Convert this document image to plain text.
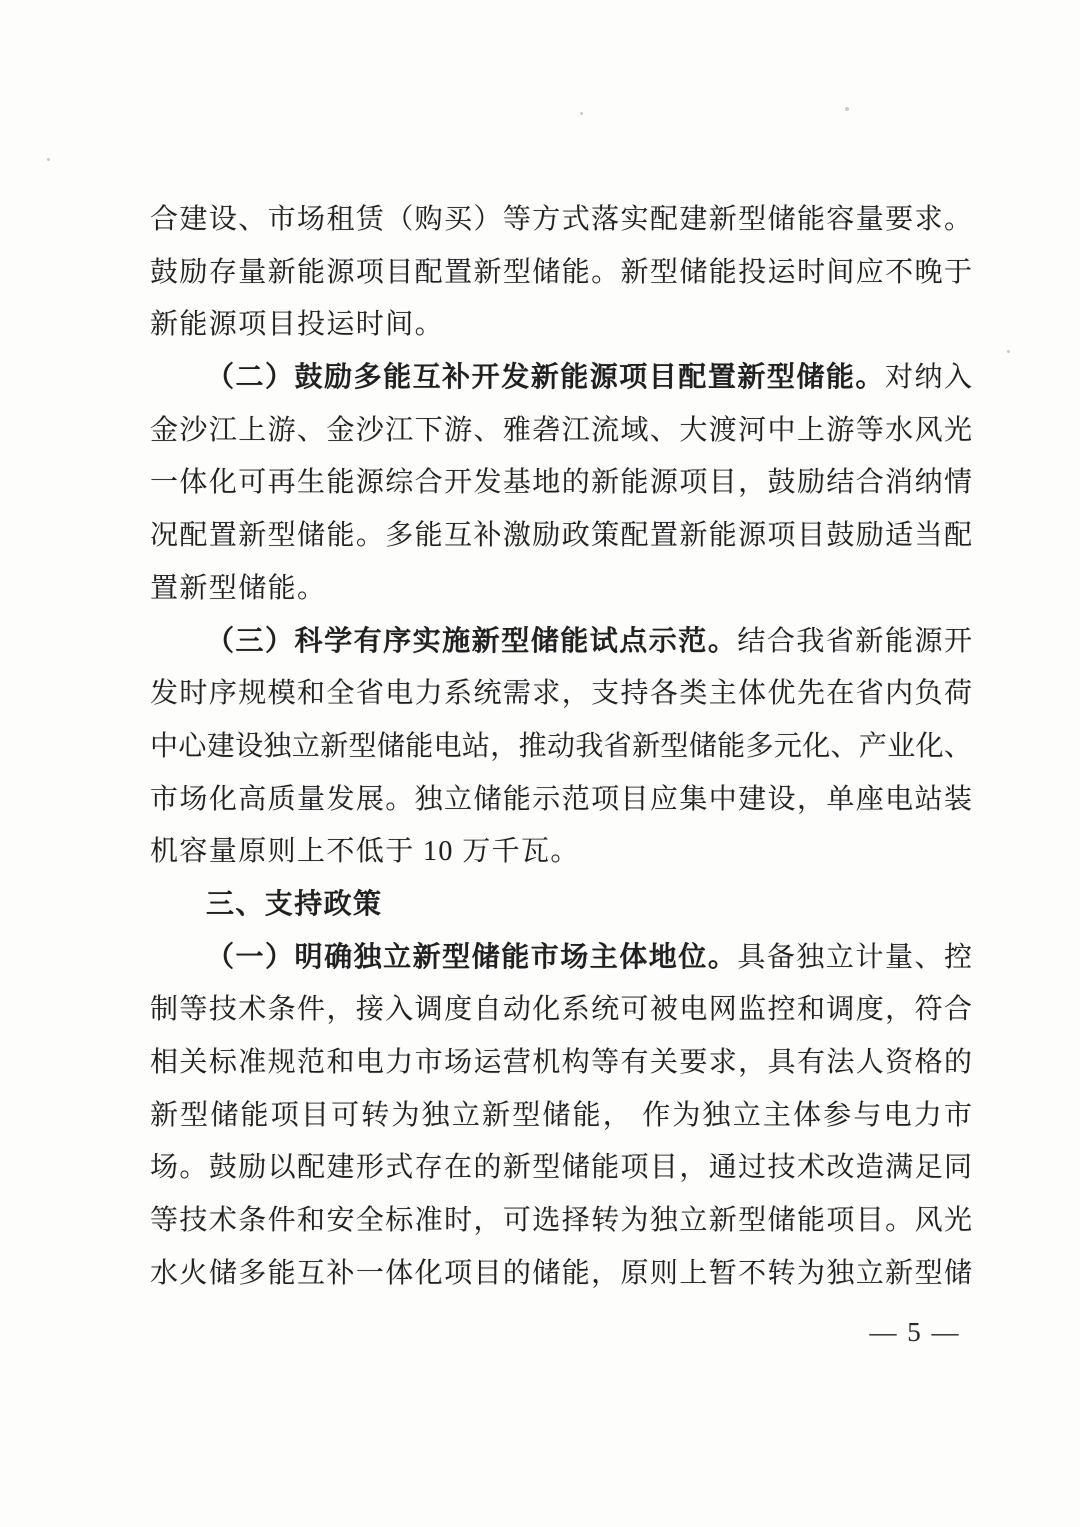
合建设、市场租赁（购买）等方式落实配建新型储能容量要求。
鼓励存量新能源项目配置新型储能。新型储能投运时间应不晚于
新能源项目投运时间。
（二）鼓励多能互补开发新能源项目配置新型储能。对纳入
金沙江上游、金沙江下游、雅砻江流域、大渡河中上游等水风光
一体化可再生能源综合开发基地的新能源项目，鼓励结合消纳情
况配置新型储能。多能互补激励政策配置新能源项目鼓励适当配
置新型储能。
（三）科学有序实施新型储能试点示范。结合我省新能源开
发时序规模和全省电力系统需求，支持各类主体优先在省内负荷
中心建设独立新型储能电站，推动我省新型储能多元化、产业化、
市场化高质量发展。独立储能示范项目应集中建设，单座电站装
机容量原则上不低于 10 万千瓦。
三、支持政策
（一）明确独立新型储能市场主体地位。具备独立计量、控
制等技术条件，接入调度自动化系统可被电网监控和调度，符合
相关标准规范和电力市场运营机构等有关要求，具有法人资格的
新型储能项目可转为独立新型储能， 作为独立主体参与电力市
场。鼓励以配建形式存在的新型储能项目，通过技术改造满足同
等技术条件和安全标准时，可选择转为独立新型储能项目。风光
水火储多能互补一体化项目的储能，原则上暂不转为独立新型储
— 5 —
